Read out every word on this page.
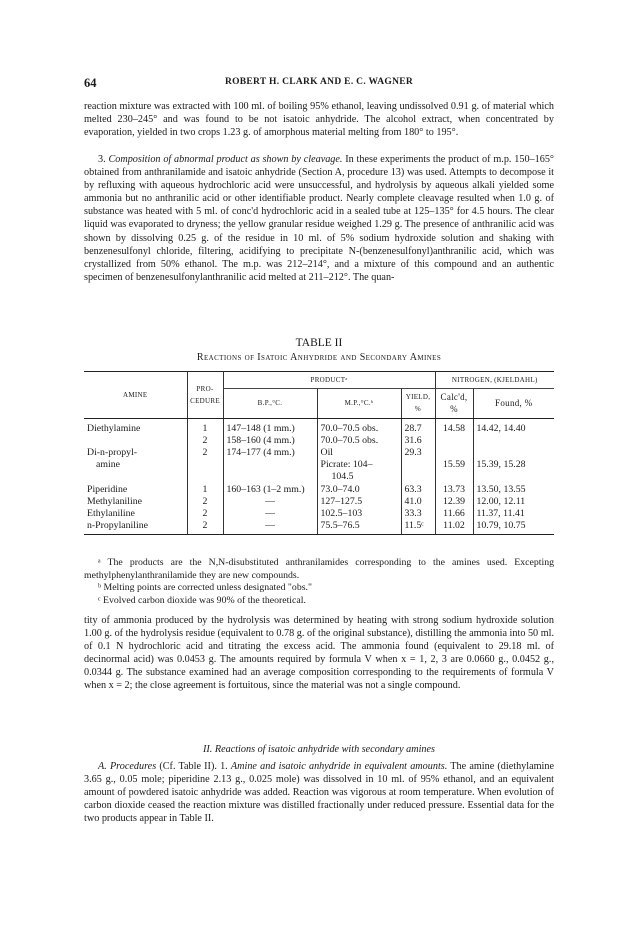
64	ROBERT H. CLARK AND E. C. WAGNER

reaction mixture was extracted with 100 ml. of boiling 95% ethanol, leaving undissolved 0.91 g. of material which melted 230–245° and was found to be not isatoic anhydride. The alcohol extract, when concentrated by evaporation, yielded in two crops 1.23 g. of amorphous material melting from 180° to 195°.

3. Composition of abnormal product as shown by cleavage. In these experiments the product of m.p. 150–165° obtained from anthranilamide and isatoic anhydride (Section A, procedure 13) was used. Attempts to decompose it by refluxing with aqueous hydrochloric acid were unsuccessful, and hydrolysis by aqueous alkali yielded some ammonia but no anthranilic acid or other identifiable product. Nearly complete cleavage resulted when 1.0 g. of substance was heated with 5 ml. of conc'd hydrochloric acid in a sealed tube at 125–135° for 4.5 hours. The clear liquid was evaporated to dryness; the yellow granular residue weighed 1.29 g. The presence of anthranilic acid was shown by dissolving 0.25 g. of the residue in 10 ml. of 5% sodium hydroxide solution and shaking with benzenesulfonyl chloride, filtering, acidifying to precipitate N-(benzenesulfonyl)anthranilic acid, which was crystallized from 50% ethanol. The m.p. was 212–214°, and a mixture of this compound and an authentic specimen of benzenesulfonylanthranilic acid melted at 211–212°. The quan-

TABLE II
Reactions of Isatoic Anhydride and Secondary Amines
AMINE	PRO-CEDURE	PRODUCTᵃ			NITROGEN, (KJELDAHL)	
		B.P.,°C.	M.P.,°C.ᵇ	YIELD, %	Calc'd, %	Found, %
Diethylamine	1	147–148 (1 mm.)	70.0–70.5 obs.	28.7	14.58	14.42, 14.40
	2	158–160 (4 mm.)	70.0–70.5 obs.	31.6		
Di-n-propyl-	2	174–177 (4 mm.)	Oil	29.3		
amine			Picrate: 104–		15.59	15.39, 15.28
			104.5			
Piperidine	1	160–163 (1–2 mm.)	73.0–74.0	63.3	13.73	13.50, 13.55
Methylaniline	2	—	127–127.5	41.0	12.39	12.00, 12.11
Ethylaniline	2	—	102.5–103	33.3	11.66	11.37, 11.41
n-Propylaniline	2	—	75.5–76.5	11.5ᶜ	11.02	10.79, 10.75

ᵃ The products are the N,N-disubstituted anthranilamides corresponding to the amines used. Excepting methylphenylanthranilamide they are new compounds.

ᵇ Melting points are corrected unless designated "obs."

ᶜ Evolved carbon dioxide was 90% of the theoretical.

tity of ammonia produced by the hydrolysis was determined by heating with strong sodium hydroxide solution 1.00 g. of the hydrolysis residue (equivalent to 0.78 g. of the original substance), distilling the ammonia into 50 ml. of 0.1 N hydrochloric acid and titrating the excess acid. The ammonia found (equivalent to 29.18 ml. of decinormal acid) was 0.0453 g. The amounts required by formula V when x = 1, 2, 3 are 0.0660 g., 0.0452 g., 0.0344 g. The substance examined had an average composition corresponding to the requirements of formula V when x = 2; the close agreement is fortuitous, since the material was not a single compound.

II. Reactions of isatoic anhydride with secondary amines

A. Procedures (Cf. Table II). 1. Amine and isatoic anhydride in equivalent amounts. The amine (diethylamine 3.65 g., 0.05 mole; piperidine 2.13 g., 0.025 mole) was dissolved in 10 ml. of 95% ethanol, and an equivalent amount of powdered isatoic anhydride was added. Reaction was vigorous at room temperature. When evolution of carbon dioxide ceased the reaction mixture was distilled fractionally under reduced pressure. Essential data for the two products appear in Table II.
